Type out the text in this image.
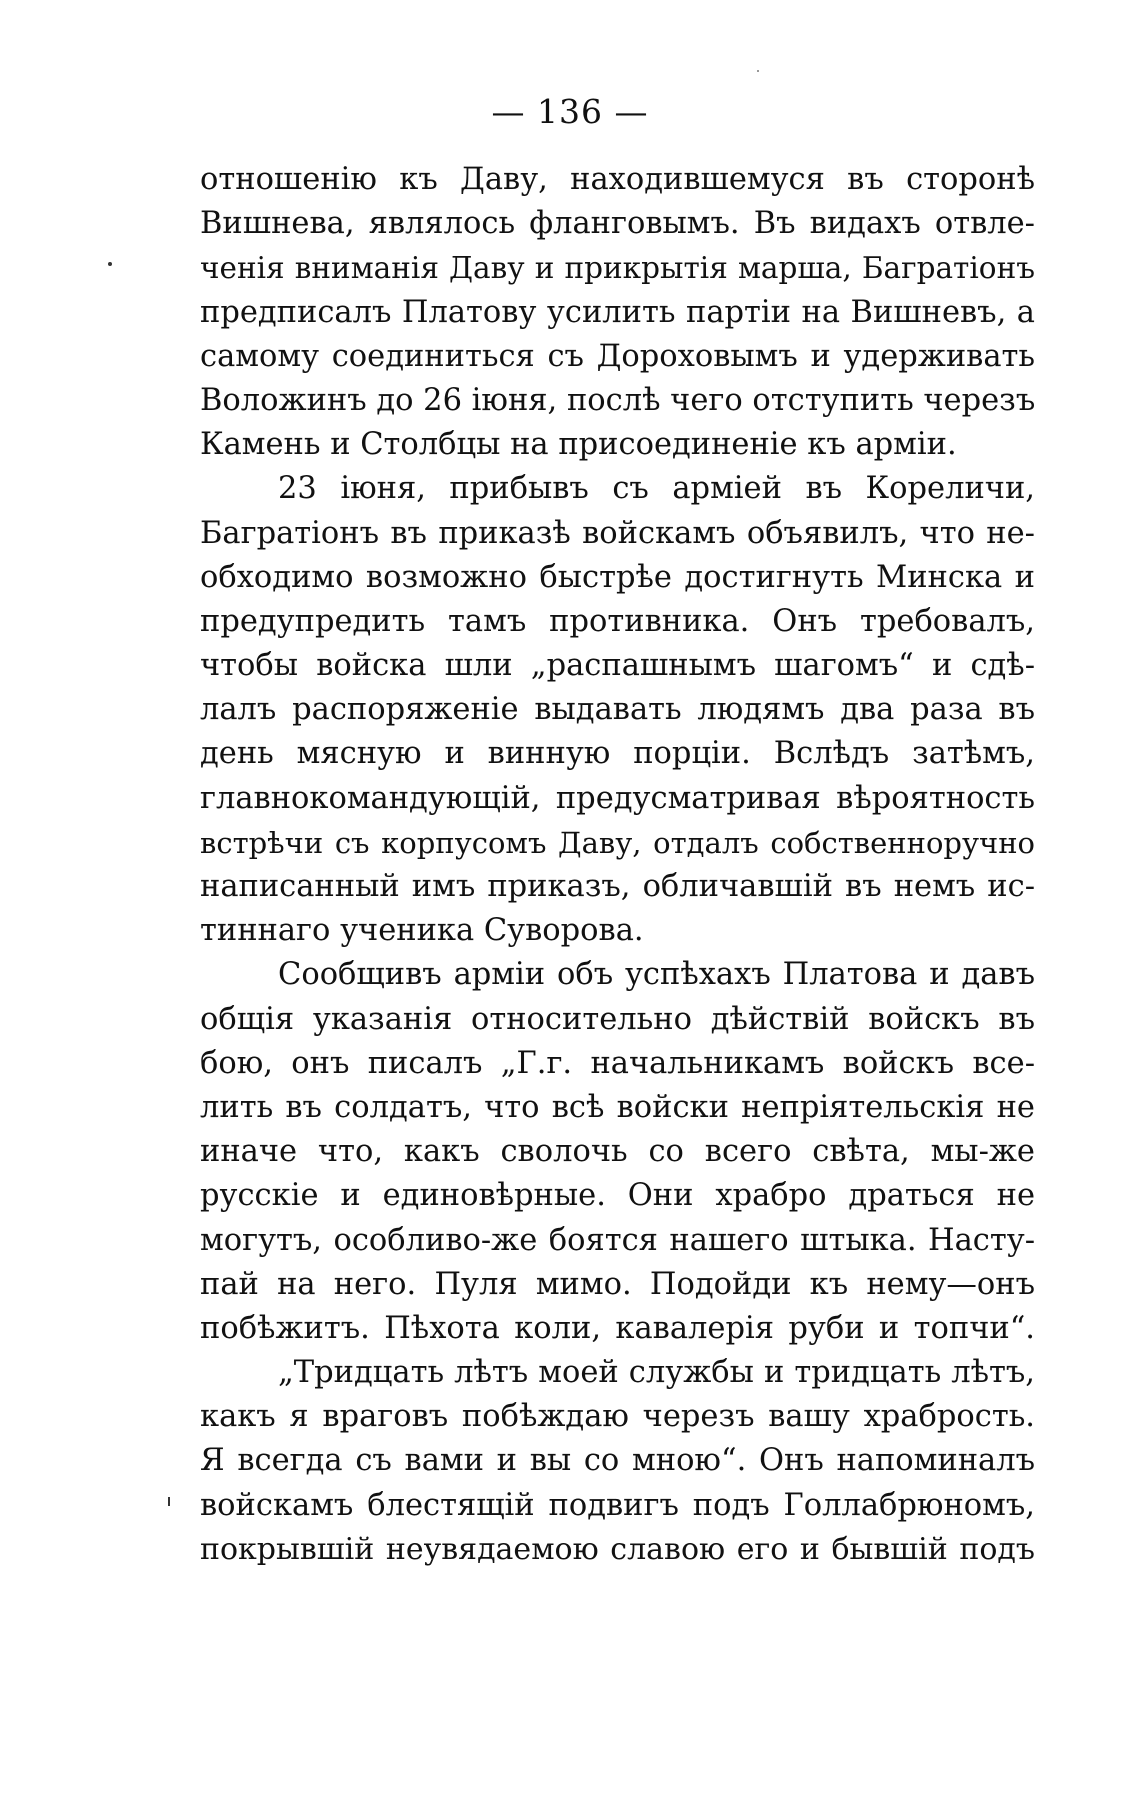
— 136 —
отношенію къ Даву, находившемуся въ сторонѣ
Вишнева, являлось фланговымъ. Въ видахъ отвле-
ченія вниманія Даву и прикрытія марша, Багратіонъ
предписалъ Платову усилить партіи на Вишневъ, а
самому соединиться съ Дороховымъ и удерживать
Воложинъ до 26 іюня, послѣ чего отступить черезъ
Камень и Столбцы на присоединеніе къ арміи.
23 іюня, прибывъ съ арміей въ Кореличи,
Багратіонъ въ приказѣ войскамъ объявилъ, что не-
обходимо возможно быстрѣе достигнуть Минска и
предупредить тамъ противника. Онъ требовалъ,
чтобы войска шли „распашнымъ шагомъ“ и сдѣ-
лалъ распоряженіе выдавать людямъ два раза въ
день мясную и винную порціи. Вслѣдъ затѣмъ,
главнокомандующій, предусматривая вѣроятность
встрѣчи съ корпусомъ Даву, отдалъ собственноручно
написанный имъ приказъ, обличавшій въ немъ ис-
тиннаго ученика Суворова.
Сообщивъ арміи объ успѣхахъ Платова и давъ
общія указанія относительно дѣйствій войскъ въ
бою, онъ писалъ „Г.г. начальникамъ войскъ все-
лить въ солдатъ, что всѣ войски непріятельскія не
иначе что, какъ сволочь со всего свѣта, мы-же
русскіе и единовѣрные. Они храбро драться не
могутъ, особливо-же боятся нашего штыка. Насту-
пай на него. Пуля мимо. Подойди къ нему—онъ
побѣжитъ. Пѣхота коли, кавалерія руби и топчи“.
„Тридцать лѣтъ моей службы и тридцать лѣтъ,
какъ я враговъ побѣждаю черезъ вашу храбрость.
Я всегда съ вами и вы со мною“. Онъ напоминалъ
войскамъ блестящій подвигъ подъ Голлабрюномъ,
покрывшій неувядаемою славою его и бывшій подъ
